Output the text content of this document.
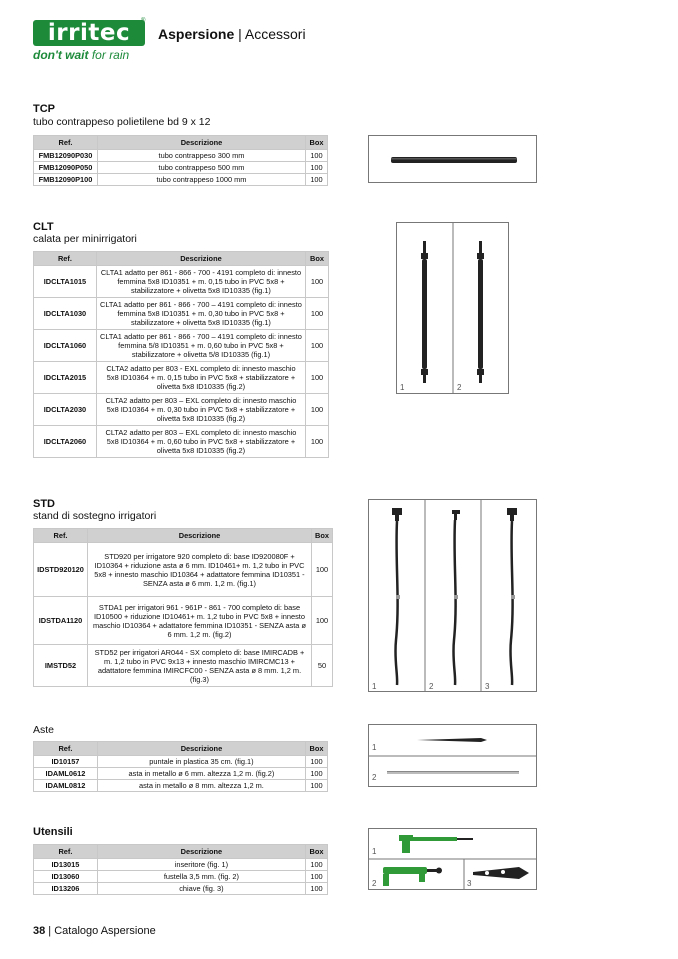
irritec	®
don't wait for rain
Aspersione | Accessori
TCP
tubo contrappeso polietilene bd 9 x 12
Ref.	Descrizione	Box
FMB12090P030	tubo contrappeso 300 mm	100
FMB12090P050	tubo contrappeso 500 mm	100
FMB12090P100	tubo contrappeso 1000 mm	100
CLT
calata per minirrigatori
Ref.	Descrizione	Box
IDCLTA1015	CLTA1 adatto per 861 - 866 - 700 - 4191 completo di: innesto femmina 5x8 ID10351 + m. 0,15 tubo in PVC 5x8 + stabilizzatore + olivetta 5x8 ID10335 (fig.1)	100
IDCLTA1030	CLTA1 adatto per 861 - 866 - 700 – 4191 completo di: innesto femmina 5x8 ID10351 + m. 0,30 tubo in PVC 5x8 + stabilizzatore + olivetta 5x8 ID10335 (fig.1)	100
IDCLTA1060	CLTA1 adatto per 861 - 866 - 700 – 4191 completo di: innesto femmina 5/8 ID10351 + m. 0,60 tubo in PVC 5x8 + stabilizzatore + olivetta 5/8 ID10335 (fig.1)	100
IDCLTA2015	CLTA2 adatto per 803 - EXL completo di: innesto maschio 5x8 ID10364 + m. 0,15 tubo in PVC 5x8 + stabilizzatore + olivetta 5x8 ID10335 (fig.2)	100
IDCLTA2030	CLTA2 adatto per 803 – EXL completo di: innesto maschio 5x8 ID10364 + m. 0,30 tubo in PVC 5x8 + stabilizzatore + olivetta 5x8 ID10335 (fig.2)	100
IDCLTA2060	CLTA2 adatto per 803 – EXL completo di: innesto maschio 5x8 ID10364 + m. 0,60 tubo in PVC 5x8 + stabilizzatore + olivetta 5x8 ID10335 (fig.2)	100
1	2
STD
stand di sostegno irrigatori
Ref.	Descrizione	Box
IDSTD920120	STD920 per irrigatore 920 completo di: base ID920080F + ID10364 + riduzione asta ø 6 mm. ID10461+ m. 1,2 tubo in PVC 5x8 + innesto maschio ID10364 + adattatore femmina ID10351 - SENZA asta ø 6 mm. 1,2 m. (fig.1)	100
IDSTDA1120	STDA1 per irrigatori 961 - 961P - 861 - 700 completo di: base ID10500 + riduzione ID10461+ m. 1,2 tubo in PVC 5x8 + innesto maschio ID10364 + adattatore femmina ID10351 - SENZA asta ø 6 mm. 1,2 m. (fig.2)	100
IMSTD52	STD52 per irrigatori AR044 - SX completo di: base IMIRCADB + m. 1,2 tubo in PVC 9x13 + innesto maschio IMIRCMC13 + adattatore femmina IMIRCFC00 - SENZA asta ø 8 mm. 1,2 m. (fig.3)	50
1	2	3
Aste
Ref.	Descrizione	Box
ID10157	puntale in plastica 35 cm. (fig.1)	100
IDAML0612	asta in metallo ø 6 mm. altezza 1,2 m. (fig.2)	100
IDAML0812	asta in metallo ø 8 mm. altezza 1,2 m.	100
1
2
Utensili
Ref.	Descrizione	Box
ID13015	inseritore (fig. 1)	100
ID13060	fustella 3,5 mm. (fig. 2)	100
ID13206	chiave (fig. 3)	100
1
2	3
38 | Catalogo Aspersione
